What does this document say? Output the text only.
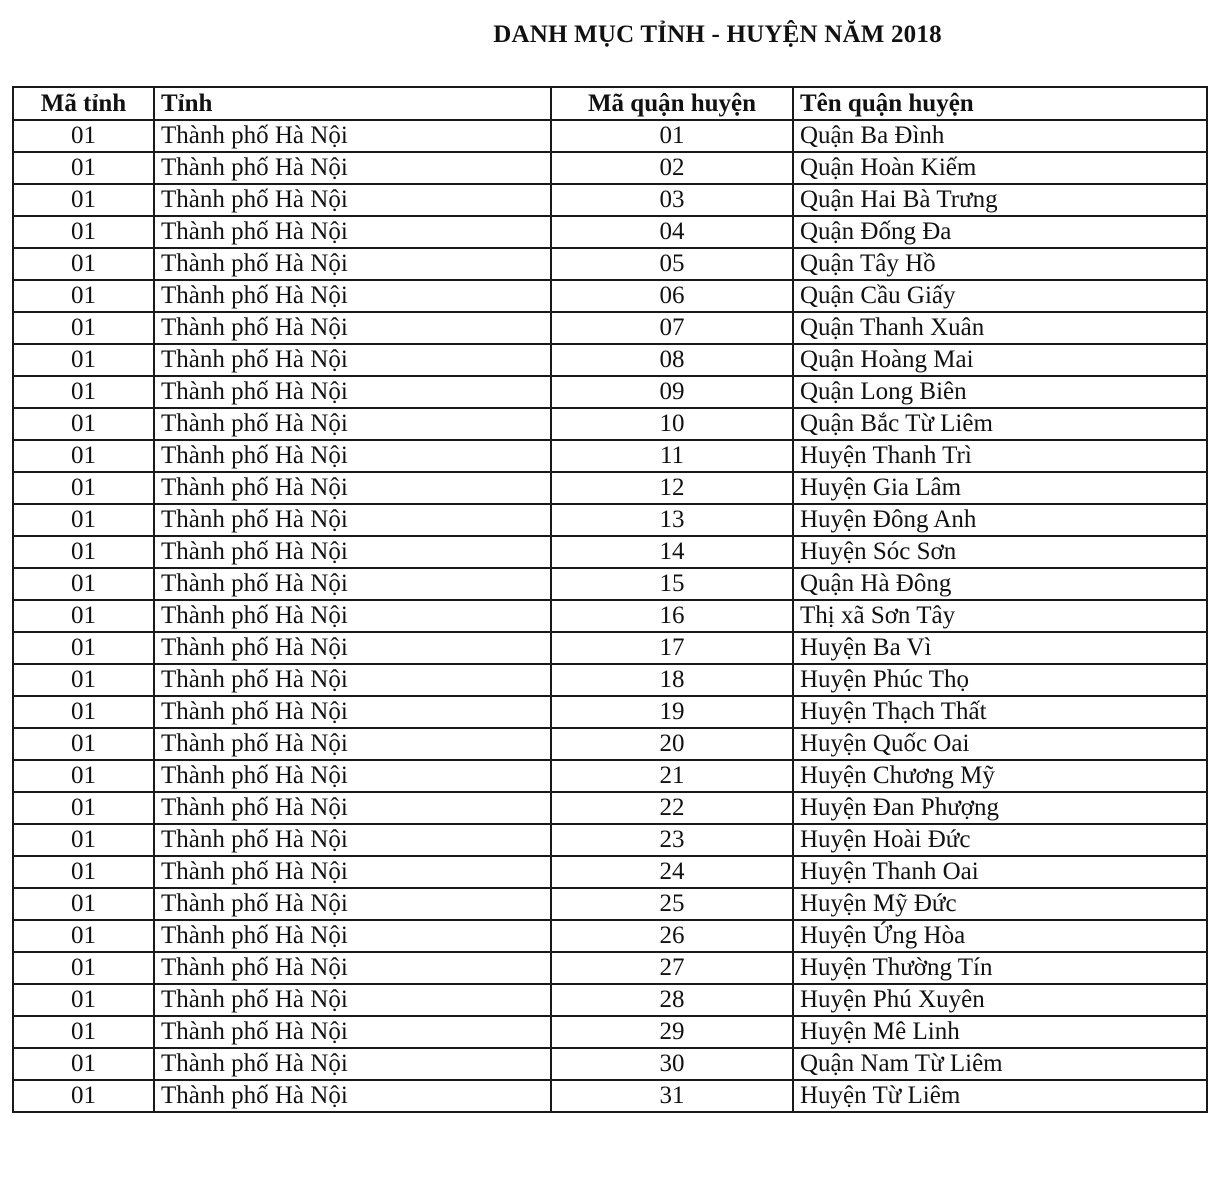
DANH MỤC TỈNH - HUYỆN NĂM 2018
Mã tỉnh	Tỉnh	Mã quận huyện	Tên quận huyện
01	Thành phố Hà Nội	01	Quận Ba Đình
01	Thành phố Hà Nội	02	Quận Hoàn Kiếm
01	Thành phố Hà Nội	03	Quận Hai Bà Trưng
01	Thành phố Hà Nội	04	Quận Đống Đa
01	Thành phố Hà Nội	05	Quận Tây Hồ
01	Thành phố Hà Nội	06	Quận Cầu Giấy
01	Thành phố Hà Nội	07	Quận Thanh Xuân
01	Thành phố Hà Nội	08	Quận Hoàng Mai
01	Thành phố Hà Nội	09	Quận Long Biên
01	Thành phố Hà Nội	10	Quận Bắc Từ Liêm
01	Thành phố Hà Nội	11	Huyện Thanh Trì
01	Thành phố Hà Nội	12	Huyện Gia Lâm
01	Thành phố Hà Nội	13	Huyện Đông Anh
01	Thành phố Hà Nội	14	Huyện Sóc Sơn
01	Thành phố Hà Nội	15	Quận Hà Đông
01	Thành phố Hà Nội	16	Thị xã Sơn Tây
01	Thành phố Hà Nội	17	Huyện Ba Vì
01	Thành phố Hà Nội	18	Huyện Phúc Thọ
01	Thành phố Hà Nội	19	Huyện Thạch Thất
01	Thành phố Hà Nội	20	Huyện Quốc Oai
01	Thành phố Hà Nội	21	Huyện Chương Mỹ
01	Thành phố Hà Nội	22	Huyện Đan Phượng
01	Thành phố Hà Nội	23	Huyện Hoài Đức
01	Thành phố Hà Nội	24	Huyện Thanh Oai
01	Thành phố Hà Nội	25	Huyện Mỹ Đức
01	Thành phố Hà Nội	26	Huyện Ứng Hòa
01	Thành phố Hà Nội	27	Huyện Thường Tín
01	Thành phố Hà Nội	28	Huyện Phú Xuyên
01	Thành phố Hà Nội	29	Huyện Mê Linh
01	Thành phố Hà Nội	30	Quận Nam Từ Liêm
01	Thành phố Hà Nội	31	Huyện Từ Liêm
